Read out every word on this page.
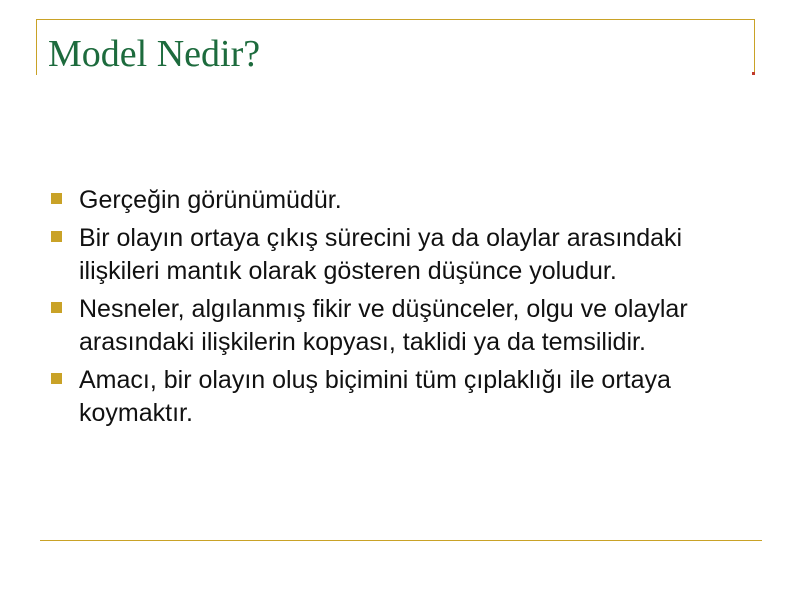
Model Nedir?
Gerçeğin görünümüdür.
Bir olayın ortaya çıkış sürecini ya da olaylar arasındaki ilişkileri mantık olarak gösteren düşünce yoludur.
Nesneler, algılanmış fikir ve düşünceler, olgu ve olaylar arasındaki ilişkilerin kopyası, taklidi ya da temsilidir.
Amacı, bir olayın oluş biçimini tüm çıplaklığı ile ortaya koymaktır.
